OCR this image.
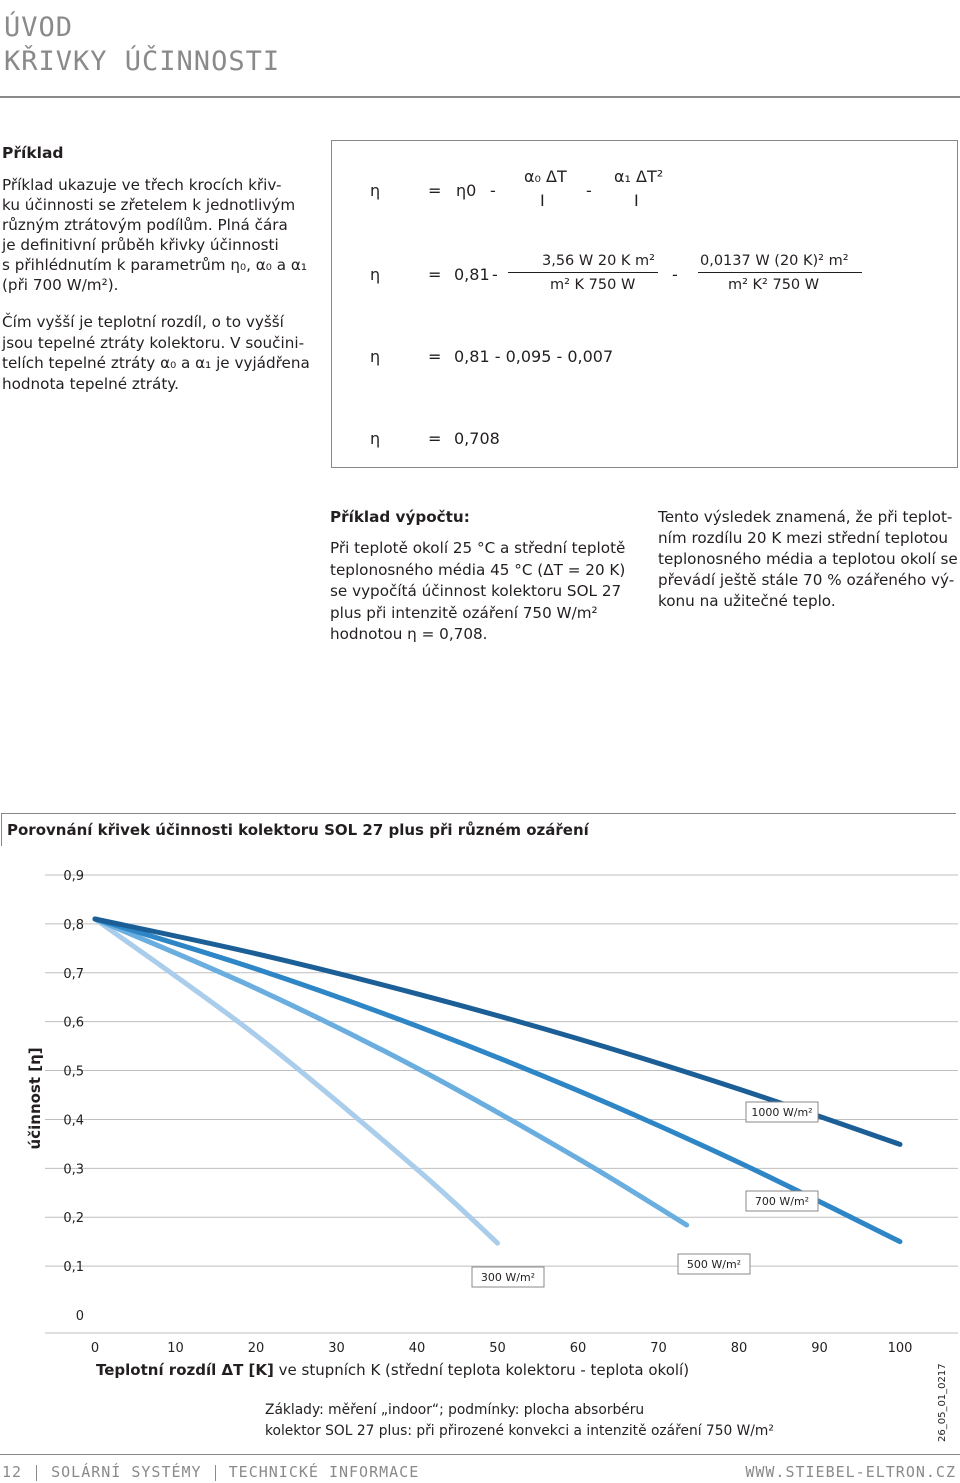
ÚVOD
KŘIVKY ÚČINNOSTI
Příklad
Příklad ukazuje ve třech krocích křiv-
ku účinnosti se zřetelem k jednotlivým
různým ztrátovým podílům. Plná čára
je definitivní průběh křivky účinnosti
s přihlédnutím k parametrům η₀, α₀ a α₁
(při 700 W/m²).
Čím vyšší je teplotní rozdíl, o to vyšší
jsou tepelné ztráty kolektoru. V součini-
telích tepelné ztráty α₀ a α₁ je vyjádřena
hodnota tepelné ztráty.
η	= η0 -
α₀ ΔT
I
-
α₁ ΔT²
I
η	= 0,81 -
3,56 W 20 K m²
m² K 750 W
-
0,0137 W (20 K)² m²
m² K² 750 W
η	= 0,81 - 0,095 - 0,007
η	= 0,708
Příklad výpočtu:
Při teplotě okolí 25 °C a střední teplotě
teplonosného média 45 °C (ΔT = 20 K)
se vypočítá účinnost kolektoru SOL 27
plus při intenzitě ozáření 750 W/m²
hodnotou η = 0,708.
Tento výsledek znamená, že při teplot-
ním rozdílu 20 K mezi střední teplotou
teplonosného média a teplotou okolí se
převádí ještě stále 70 % ozářeného vý-
konu na užitečné teplo.
Porovnání křivek účinnosti kolektoru SOL 27 plus při různém ozáření
0
0,1
0,2
0,3
0,4
0,5
0,6
0,7
0,8
0,9
0	10	20	30	40	50	60	70	80	90	100
účinnost [η]
Teplotní rozdíl ΔT [K] ve stupních K (střední teplota kolektoru - teplota okolí)
1000 W/m²
700 W/m²
500 W/m²
300 W/m²
Základy: měření „indoor“; podmínky: plocha absorbéru
kolektor SOL 27 plus: při přirozené konvekci a intenzitě ozáření 750 W/m²	26_05_01_0217
12 SOLÁRNÍ SYSTÉMY TECHNICKÉ INFORMACE	WWW.STIEBEL-ELTRON.CZ
